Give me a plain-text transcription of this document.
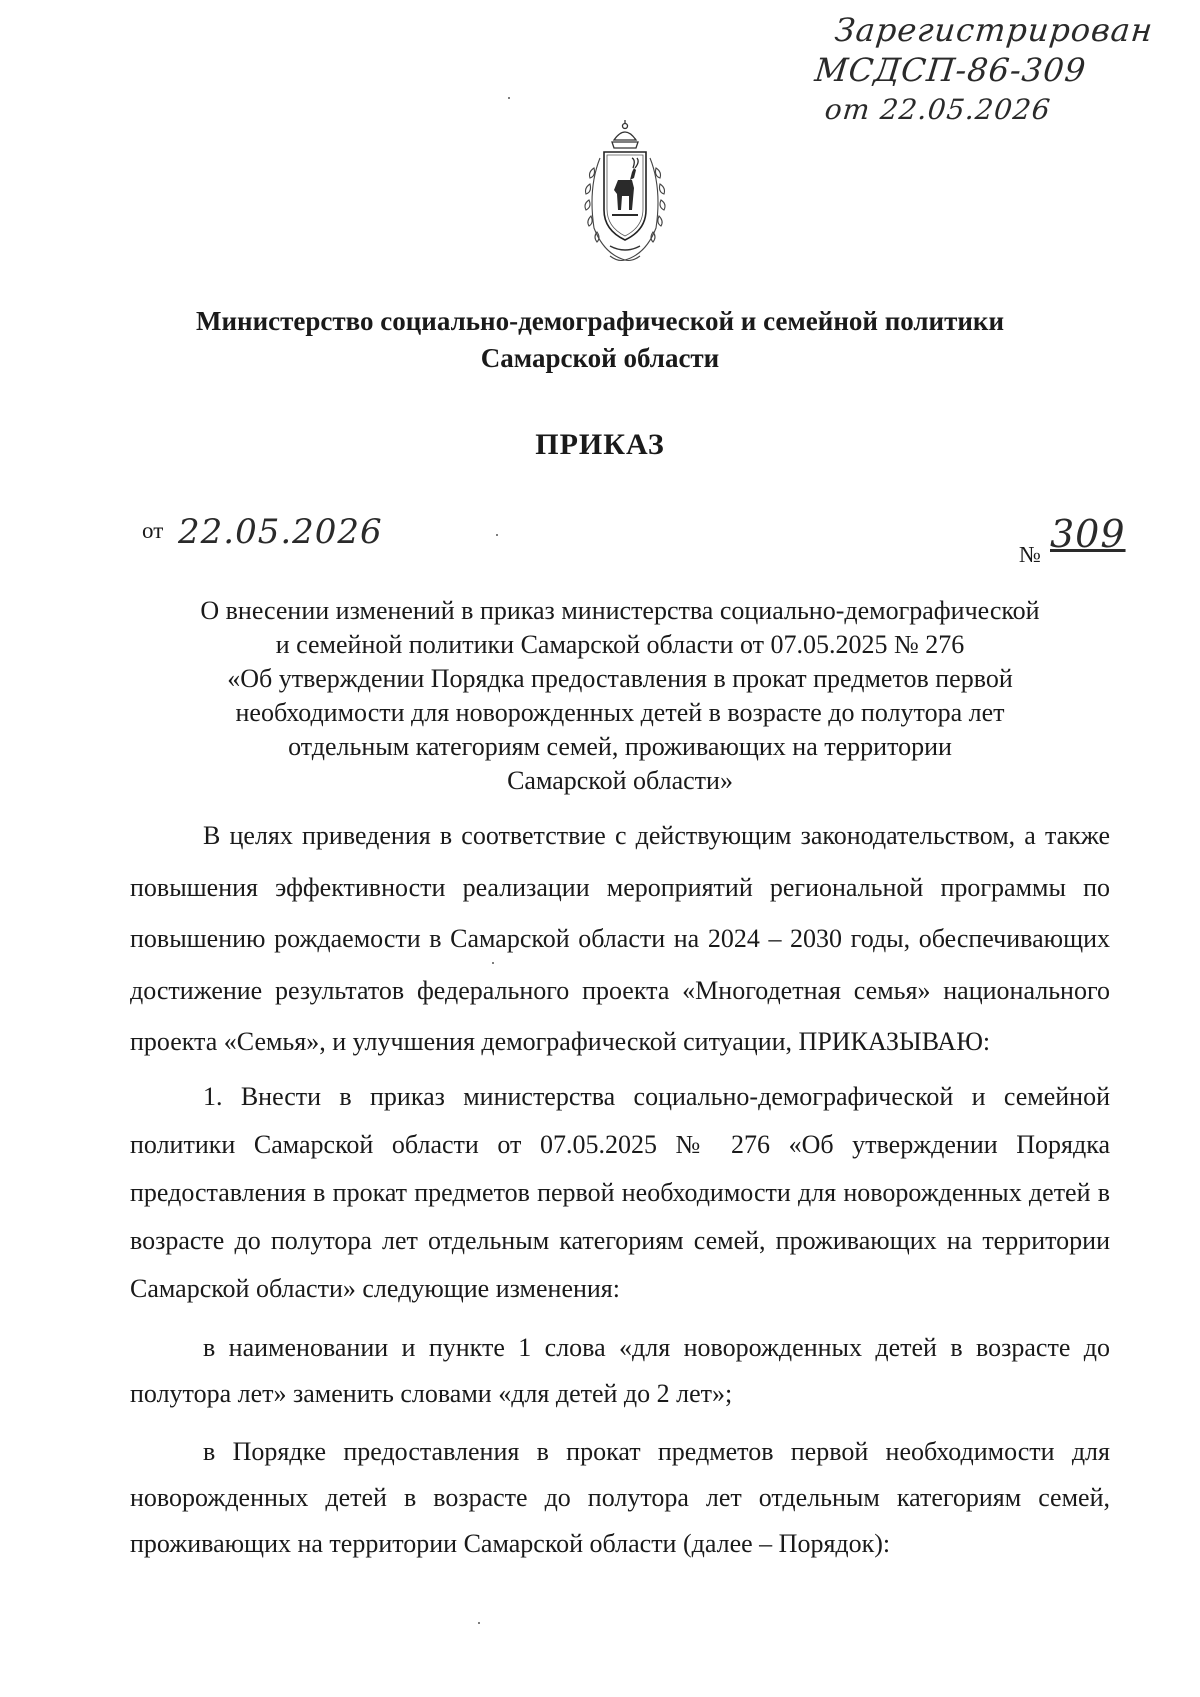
Зарегистрирован
МСДСП-86-309
от 22.05.2026
Министерство социально-демографической и семейной политики
Самарской области
ПРИКАЗ
от 22.05.2026
№ 309
О внесении изменений в приказ министерства социально-демографической
и семейной политики Самарской области от 07.05.2025 № 276
«Об утверждении Порядка предоставления в прокат предметов первой
необходимости для новорожденных детей в возрасте до полутора лет
отдельным категориям семей, проживающих на территории
Самарской области»

В целях приведения в соответствие с действующим законодательством, а также повышения эффективности реализации мероприятий региональной программы по повышению рождаемости в Самарской области на 2024 – 2030 годы, обеспечивающих достижение результатов федерального проекта «Многодетная семья» национального проекта «Семья», и улучшения демографической ситуации, ПРИКАЗЫВАЮ:

1. Внести в приказ министерства социально-демографической и семейной политики Самарской области от 07.05.2025 № 276 «Об утверждении Порядка предоставления в прокат предметов первой необходимости для новорожденных детей в возрасте до полутора лет отдельным категориям семей, проживающих на территории Самарской области» следующие изменения:

в наименовании и пункте 1 слова «для новорожденных детей в возрасте до полутора лет» заменить словами «для детей до 2 лет»;

в Порядке предоставления в прокат предметов первой необходимости для новорожденных детей в возрасте до полутора лет отдельным категориям семей, проживающих на территории Самарской области (далее – Порядок):
